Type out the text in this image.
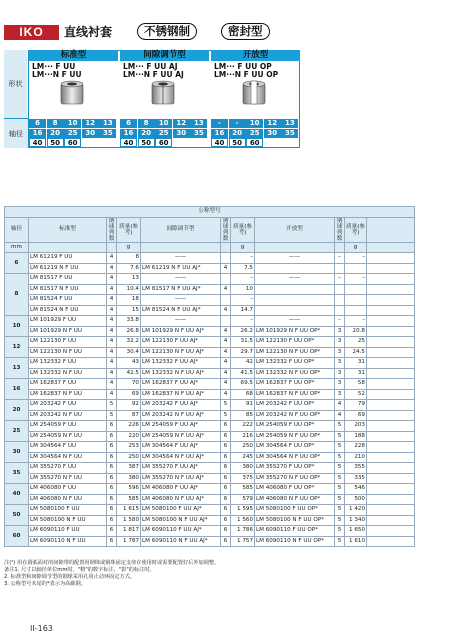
IKO	直线衬套	不锈钢制	密封型
形状
轴径
标准型
LM··· F UU
LM···N F UU
6	8	10	12	13
16	20	25	30	35
40	50	60
间隙调节型
LM··· F UU AJ
LM···N F UU AJ
6	8	10	12	13
16	20	25	30	35
40	50	60
开放型
LM··· F UU OP
LM···N F UU OP
-	-	10	12	13
16	20	25	30	35
40	50	60
公称型号										
轴径	标准型	钢球列数	质量(参考)	间隙调节型	钢球列数	质量(参考)	开放型	钢球列数	质量(参考)	
mm			g			g			g	
6	LM 61219 F UU	4	8	——		–	——	–	–	
	LM 61219 N F UU	4	7.6	LM 61219 N F UU AJ*	4	7.5				
8	LM 81517 F UU	4	13	——		–	——	–	–	
	LM 81517 N F UU	4	10.4	LM 81517 N F UU AJ*	4	10				
	LM 81524 F UU	4	18	——		–				
	LM 81524 N F UU	4	15	LM 81524 N F UU AJ*	4	14.7				
10	LM 101929 F UU	4	33.8	——		–	——	–	–	
	LM 101929 N F UU	4	26.8	LM 101929 N F UU AJ*	4	26.2	LM 101929 N F UU OP*	3	20.8	
12	LM 122130 F UU	4	32.2	LM 122130 F UU AJ*	4	31.5	LM 122130 F UU OP*	3	25	
	LM 122130 N F UU	4	30.4	LM 122130 N F UU AJ*	4	29.7	LM 122130 N F UU OP*	3	24.5	
13	LM 132332 F UU	4	43	LM 132332 F UU AJ*	4	42	LM 132332 F UU OP*	3	31	
	LM 132332 N F UU	4	42.5	LM 132332 N F UU AJ*	4	41.5	LM 132332 N F UU OP*	3	31	
16	LM 162837 F UU	4	70	LM 162837 F UU AJ*	4	69.5	LM 162837 F UU OP*	3	58	
	LM 162837 N F UU	4	69	LM 162837 N F UU AJ*	4	68	LM 162837 N F UU OP*	3	52	
20	LM 203242 F UU	5	92	LM 203242 F UU AJ*	5	91	LM 203242 F UU OP*	4	79	
	LM 203242 N F UU	5	87	LM 203242 N F UU AJ*	5	85	LM 203242 N F UU OP*	4	69	
25	LM 254059 F UU	6	226	LM 254059 F UU AJ*	6	222	LM 254059 F UU OP*	5	203	
	LM 254059 N F UU	6	220	LM 254059 N F UU AJ*	6	216	LM 254059 N F UU OP*	5	188	
30	LM 304564 F UU	6	253	LM 304564 F UU AJ*	6	250	LM 304564 F UU OP*	5	228	
	LM 304564 N F UU	6	250	LM 304564 N F UU AJ*	6	245	LM 304564 N F UU OP*	5	210	
35	LM 355270 F UU	6	387	LM 355270 F UU AJ*	6	380	LM 355270 F UU OP*	5	355	
	LM 355270 N F UU	6	380	LM 355270 N F UU AJ*	6	375	LM 355270 N F UU OP*	5	335	
40	LM 406080 F UU	6	596	LM 406080 F UU AJ*	6	585	LM 406080 F UU OP*	5	546	
	LM 406080 N F UU	6	585	LM 406080 N F UU AJ*	6	579	LM 406080 N F UU OP*	5	500	
50	LM 5080100 F UU	6	1 615	LM 5080100 F UU AJ*	6	1 595	LM 5080100 F UU OP*	5	1 420	
	LM 5080100 N F UU	6	1 580	LM 5080100 N F UU AJ*	6	1 560	LM 5080100 N F UU OP*	5	1 340	
60	LM 6090110 F UU	6	1 817	LM 6090110 F UU AJ*	6	1 786	LM 6090110 F UU OP*	5	1 650	
	LM 6090110 N F UU	6	1 787	LM 6090110 N F UU AJ*	6	1 757	LM 6090110 N F UU OP*	5	1 610	
注(¹) 用在圆弧面对的间隙带的配置用钢珠或钢珠固定支座在使用时或需要配置好后外加调整。
备注1. 尺寸以轴径单位mm时，"精"的数字标注，"影"的标注时。
2. 标准型和间隙调节型的钢球采用孔用止动环固定方式。
3. 公称型号末尾的*表示为高碳钢。
II-163
